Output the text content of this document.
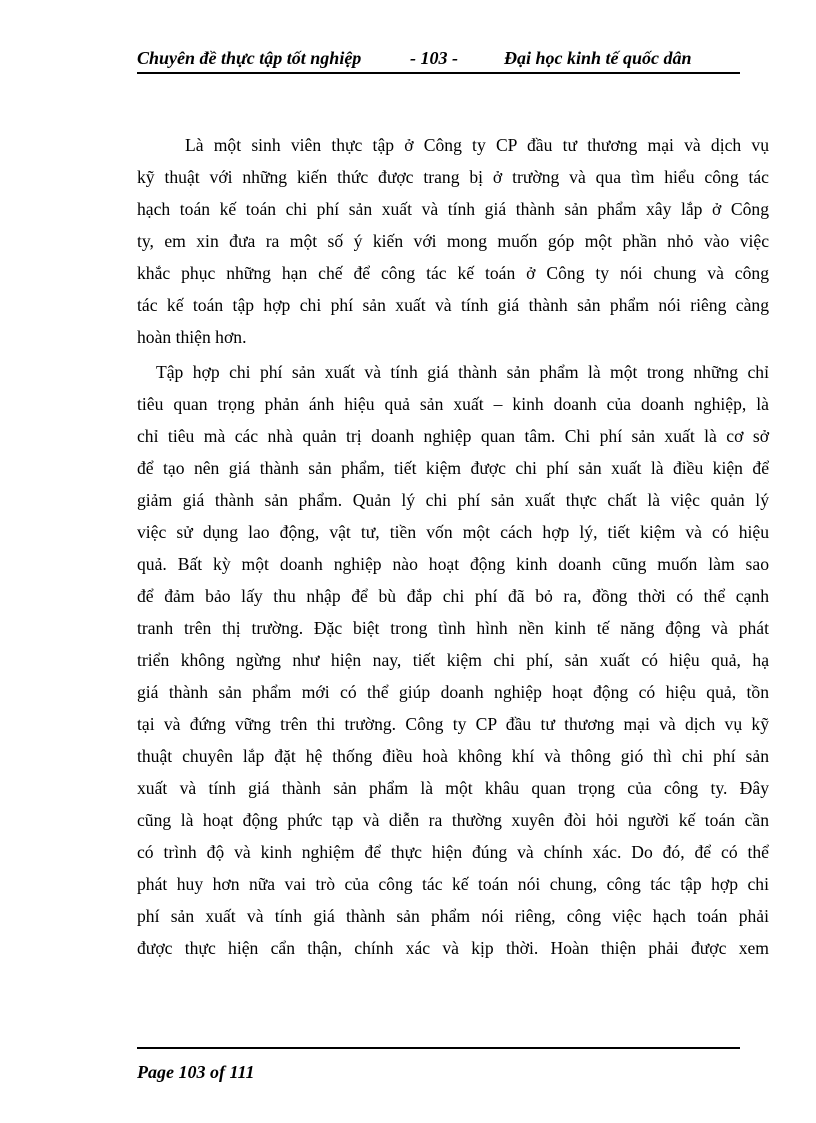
Chuyên đề thực tập tốt nghiệp	- 103 -	Đại học kinh tế quốc dân

Là một sinh viên thực tập ở Công ty CP đầu tư thương mại và dịch vụ
kỹ thuật với những kiến thức được trang bị ở trường và qua tìm hiểu công tác
hạch toán kế toán chi phí sản xuất và tính giá thành sản phẩm xây lắp ở Công
ty, em xin đưa ra một số ý kiến với mong muốn góp một phần nhỏ vào việc
khắc phục những hạn chế để công tác kế toán ở Công ty nói chung và công
tác kế toán tập hợp chi phí sản xuất và tính giá thành sản phẩm nói riêng càng
hoàn thiện hơn.

Tập hợp chi phí sản xuất và tính giá thành sản phẩm là một trong những chỉ
tiêu quan trọng phản ánh hiệu quả sản xuất – kinh doanh của doanh nghiệp, là
chỉ tiêu mà các nhà quản trị doanh nghiệp quan tâm. Chi phí sản xuất là cơ sở
để tạo nên giá thành sản phẩm, tiết kiệm được chi phí sản xuất là điều kiện để
giảm giá thành sản phẩm. Quản lý chi phí sản xuất thực chất là việc quản lý
việc sử dụng lao động, vật tư, tiền vốn một cách hợp lý, tiết kiệm và có hiệu
quả. Bất kỳ một doanh nghiệp nào hoạt động kinh doanh cũng muốn làm sao
để đảm bảo lấy thu nhập để bù đắp chi phí đã bỏ ra, đồng thời có thể cạnh
tranh trên thị trường. Đặc biệt trong tình hình nền kinh tế năng động và phát
triển không ngừng như hiện nay, tiết kiệm chi phí, sản xuất có hiệu quả, hạ
giá thành sản phẩm mới có thể giúp doanh nghiệp hoạt động có hiệu quả, tồn
tại và đứng vững trên thi trường. Công ty CP đầu tư thương mại và dịch vụ kỹ
thuật chuyên lắp đặt hệ thống điều hoà không khí và thông gió thì chi phí sản
xuất và tính giá thành sản phẩm là một khâu quan trọng của công ty. Đây
cũng là hoạt động phức tạp và diễn ra thường xuyên đòi hỏi người kế toán cần
có trình độ và kinh nghiệm để thực hiện đúng và chính xác. Do đó, để có thể
phát huy hơn nữa vai trò của công tác kế toán nói chung, công tác tập hợp chi
phí sản xuất và tính giá thành sản phẩm nói riêng, công việc hạch toán phải
được thực hiện cẩn thận, chính xác và kịp thời. Hoàn thiện phải được xem

Page 103 of 111
